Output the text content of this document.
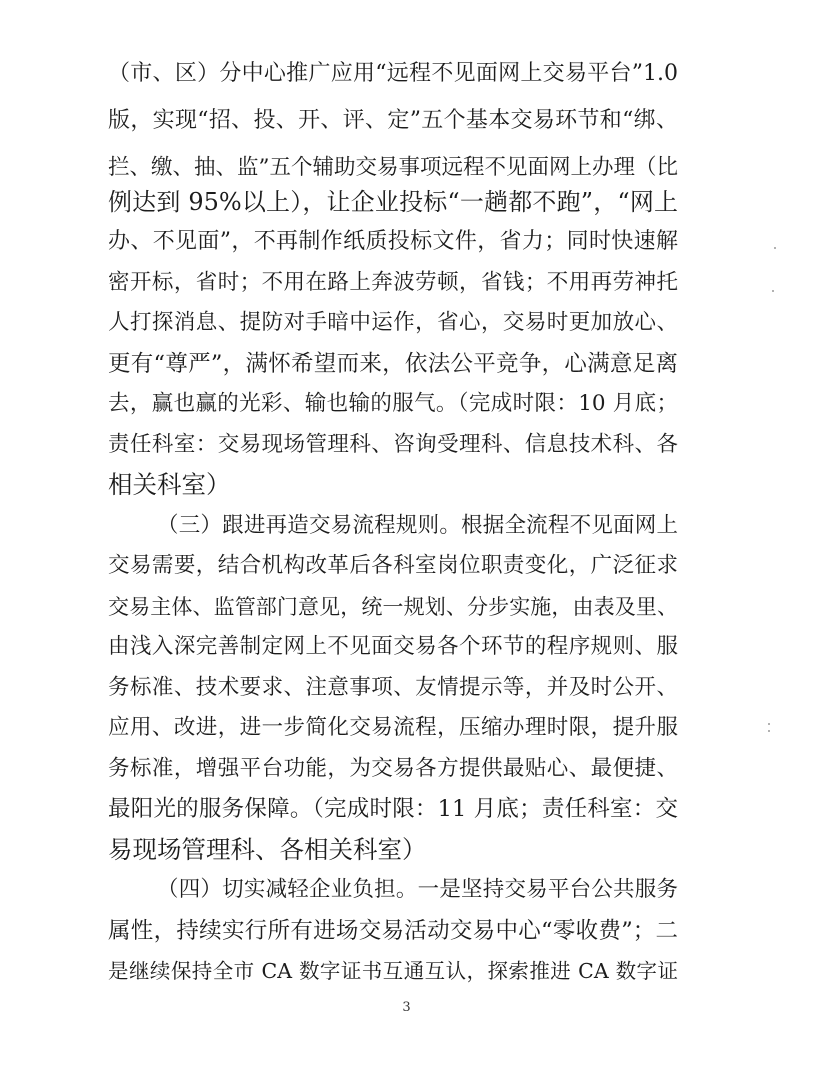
（市、区）分中心推广应用“远程不见面网上交易平台”1.0
版，实现“招、投、开、评、定”五个基本交易环节和“绑、
拦、缴、抽、监”五个辅助交易事项远程不见面网上办理（比
例达到 95%以上），让企业投标“一趟都不跑”，“网上
办、不见面”，不再制作纸质投标文件，省力；同时快速解
密开标，省时；不用在路上奔波劳顿，省钱；不用再劳神托
人打探消息、提防对手暗中运作，省心，交易时更加放心、
更有“尊严”，满怀希望而来，依法公平竞争，心满意足离
去，赢也赢的光彩、输也输的服气。（完成时限：10 月底；
责任科室：交易现场管理科、咨询受理科、信息技术科、各
相关科室）
（三）跟进再造交易流程规则。根据全流程不见面网上
交易需要，结合机构改革后各科室岗位职责变化，广泛征求
交易主体、监管部门意见，统一规划、分步实施，由表及里、
由浅入深完善制定网上不见面交易各个环节的程序规则、服
务标准、技术要求、注意事项、友情提示等，并及时公开、
应用、改进，进一步简化交易流程，压缩办理时限，提升服
务标准，增强平台功能，为交易各方提供最贴心、最便捷、
最阳光的服务保障。（完成时限：11 月底；责任科室：交
易现场管理科、各相关科室）
（四）切实减轻企业负担。一是坚持交易平台公共服务
属性，持续实行所有进场交易活动交易中心“零收费”；二
是继续保持全市 CA 数字证书互通互认，探索推进 CA 数字证
3
